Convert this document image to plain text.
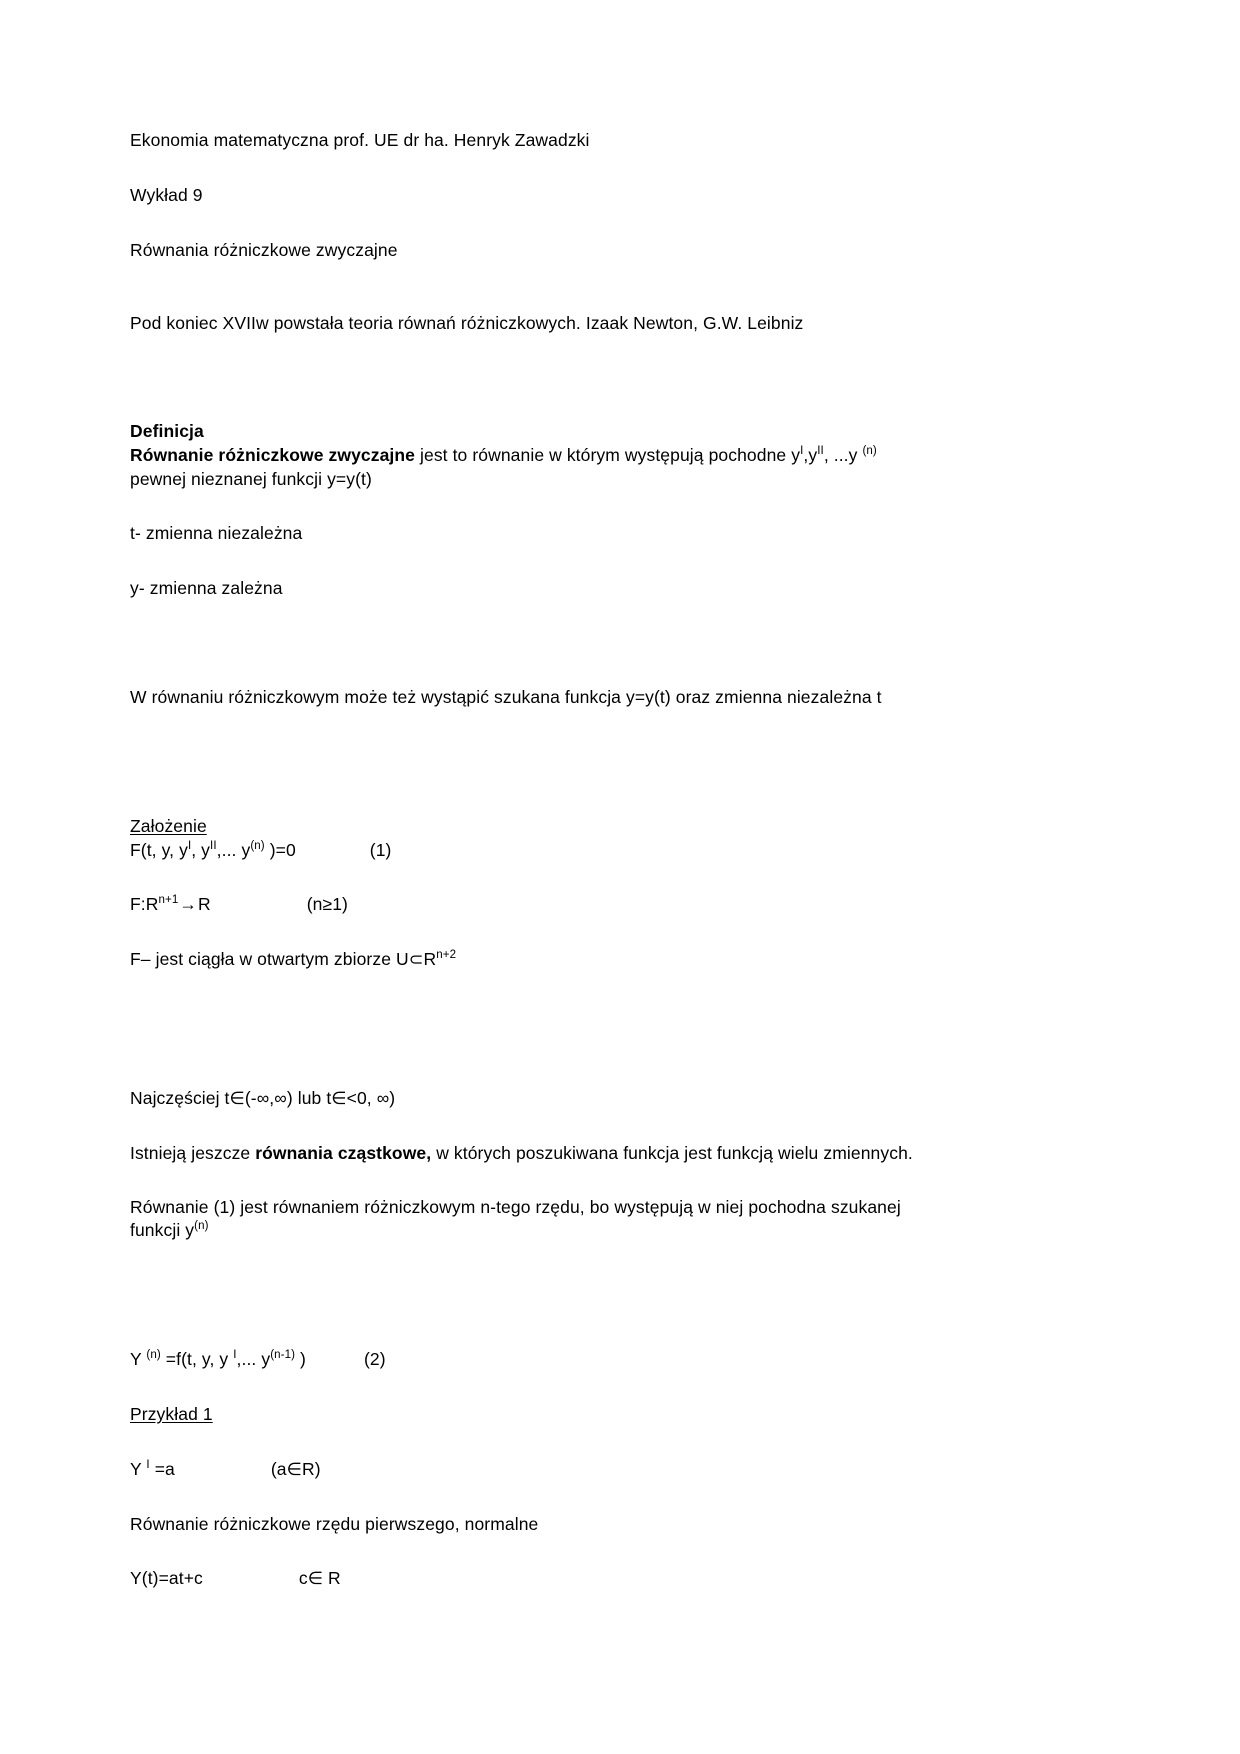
Ekonomia matematyczna prof. UE dr ha. Henryk Zawadzki

Wykład 9

Równania różniczkowe zwyczajne

Pod koniec XVIIw powstała teoria równań różniczkowych. Izaak Newton, G.W. Leibniz

Definicja

Równanie różniczkowe zwyczajne jest to równanie w którym występują pochodne $y^I,y^{II}$, ...y $^{(n)}$

pewnej nieznanej funkcji y=y(t)

t- zmienna niezależna

y- zmienna zależna

W równaniu różniczkowym może też wystąpić szukana funkcja y=y(t) oraz zmienna niezależna t

Założenie

F(t, y, $y^I$, $y^{II}$,... $y^{(n)}$ )=0	(1)

$F:R^{n+1}\to R$	(n≥1)

F– jest ciągła w otwartym zbiorze $U\subset R^{n+2}$

Najczęściej t∈(-∞,∞) lub t∈<0, ∞)

Istnieją jeszcze równania cząstkowe, w których poszukiwana funkcja jest funkcją wielu zmiennych.

Równanie (1) jest równaniem różniczkowym n-tego rzędu, bo występują w niej pochodna szukanej

funkcji $y^{(n)}$

Y $^{(n)}$ =f(t, y, y $^I$,... $y^{(n-1)}$ )	(2)

Przykład 1

Y $^I$ =a	(a∈R)

Równanie różniczkowe rzędu pierwszego, normalne

Y(t)=at+c	c∈ R
